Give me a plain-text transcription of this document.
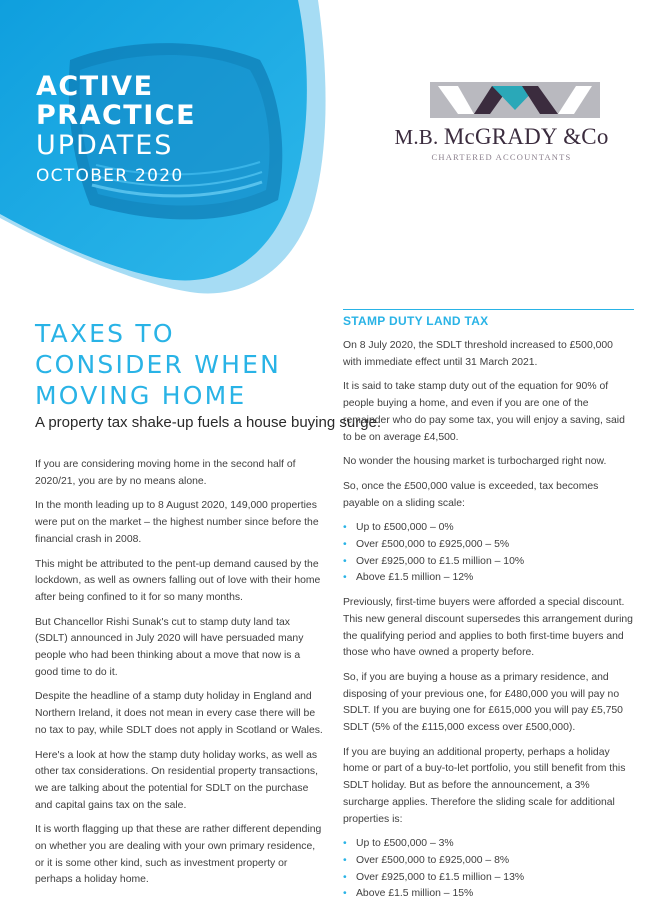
ACTIVE
PRACTICE
UPDATES
OCTOBER 2020
M.B. McGRADY &Co
CHARTERED ACCOUNTANTS
TAXES TO
CONSIDER WHEN
MOVING HOME

A property tax shake-up fuels a house buying surge.

If you are considering moving home in the second half of 2020/21, you are by no means alone.

In the month leading up to 8 August 2020, 149,000 properties were put on the market – the highest number since before the financial crash in 2008.

This might be attributed to the pent-up demand caused by the lockdown, as well as owners falling out of love with their home after being confined to it for so many months.

But Chancellor Rishi Sunak's cut to stamp duty land tax (SDLT) announced in July 2020 will have persuaded many people who had been thinking about a move that now is a good time to do it.

Despite the headline of a stamp duty holiday in England and Northern Ireland, it does not mean in every case there will be no tax to pay, while SDLT does not apply in Scotland or Wales.

Here's a look at how the stamp duty holiday works, as well as other tax considerations. On residential property transactions, we are talking about the potential for SDLT on the purchase and capital gains tax on the sale.

It is worth flagging up that these are rather different depending on whether you are dealing with your own primary residence, or it is some other kind, such as investment property or perhaps a holiday home.

STAMP DUTY LAND TAX

On 8 July 2020, the SDLT threshold increased to £500,000 with immediate effect until 31 March 2021.

It is said to take stamp duty out of the equation for 90% of people buying a home, and even if you are one of the remainder who do pay some tax, you will enjoy a saving, said to be on average £4,500.

No wonder the housing market is turbocharged right now.

So, once the £500,000 value is exceeded, tax becomes payable on a sliding scale:

• Up to £500,000 – 0%
• Over £500,000 to £925,000 – 5%
• Over £925,000 to £1.5 million – 10%
• Above £1.5 million – 12%

Previously, first-time buyers were afforded a special discount. This new general discount supersedes this arrangement during the qualifying period and applies to both first-time buyers and those who have owned a property before.

So, if you are buying a house as a primary residence, and disposing of your previous one, for £480,000 you will pay no SDLT. If you are buying one for £615,000 you will pay £5,750 SDLT (5% of the £115,000 excess over £500,000).

If you are buying an additional property, perhaps a holiday home or part of a buy-to-let portfolio, you still benefit from this SDLT holiday. But as before the announcement, a 3% surcharge applies. Therefore the sliding scale for additional properties is:

• Up to £500,000 – 3%
• Over £500,000 to £925,000 – 8%
• Over £925,000 to £1.5 million – 13%
• Above £1.5 million – 15%
